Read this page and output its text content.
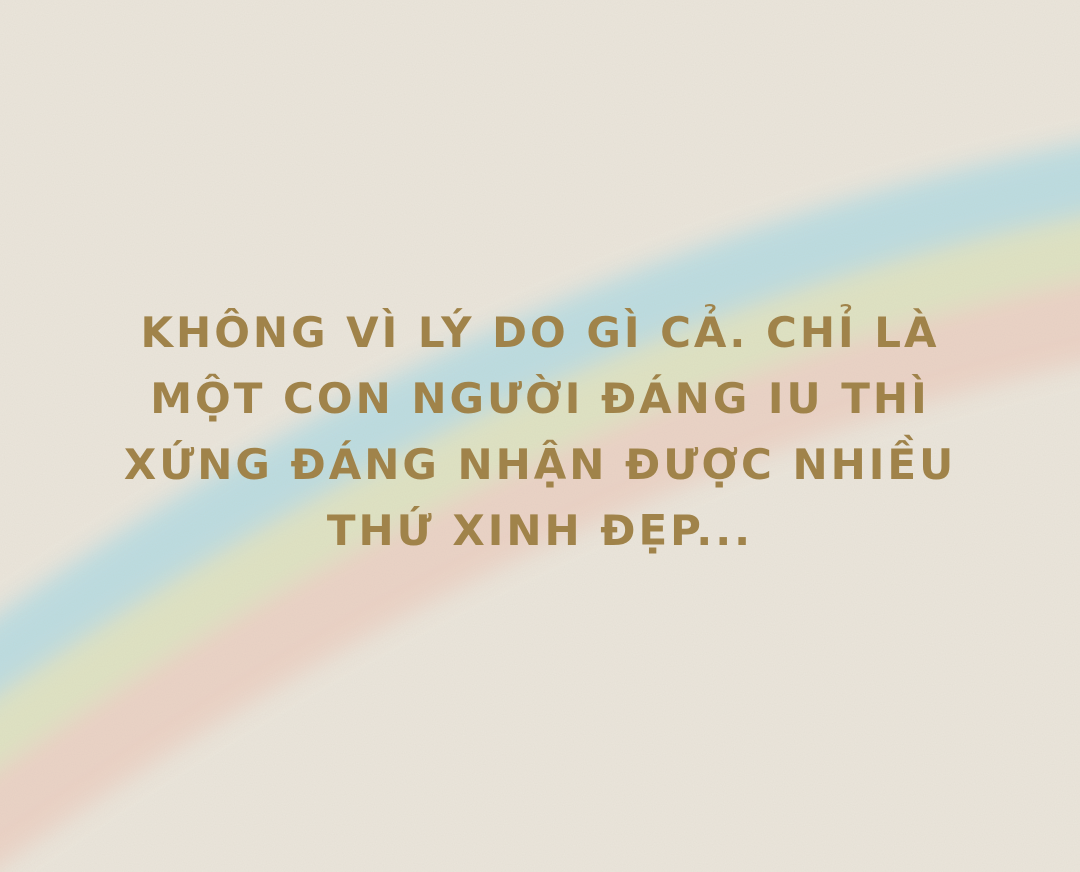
KHÔNG VÌ LÝ DO GÌ CẢ. CHỈ LÀ
MỘT CON NGƯỜI ĐÁNG IU THÌ
XỨNG ĐÁNG NHẬN ĐƯỢC NHIỀU
THỨ XINH ĐẸP...
